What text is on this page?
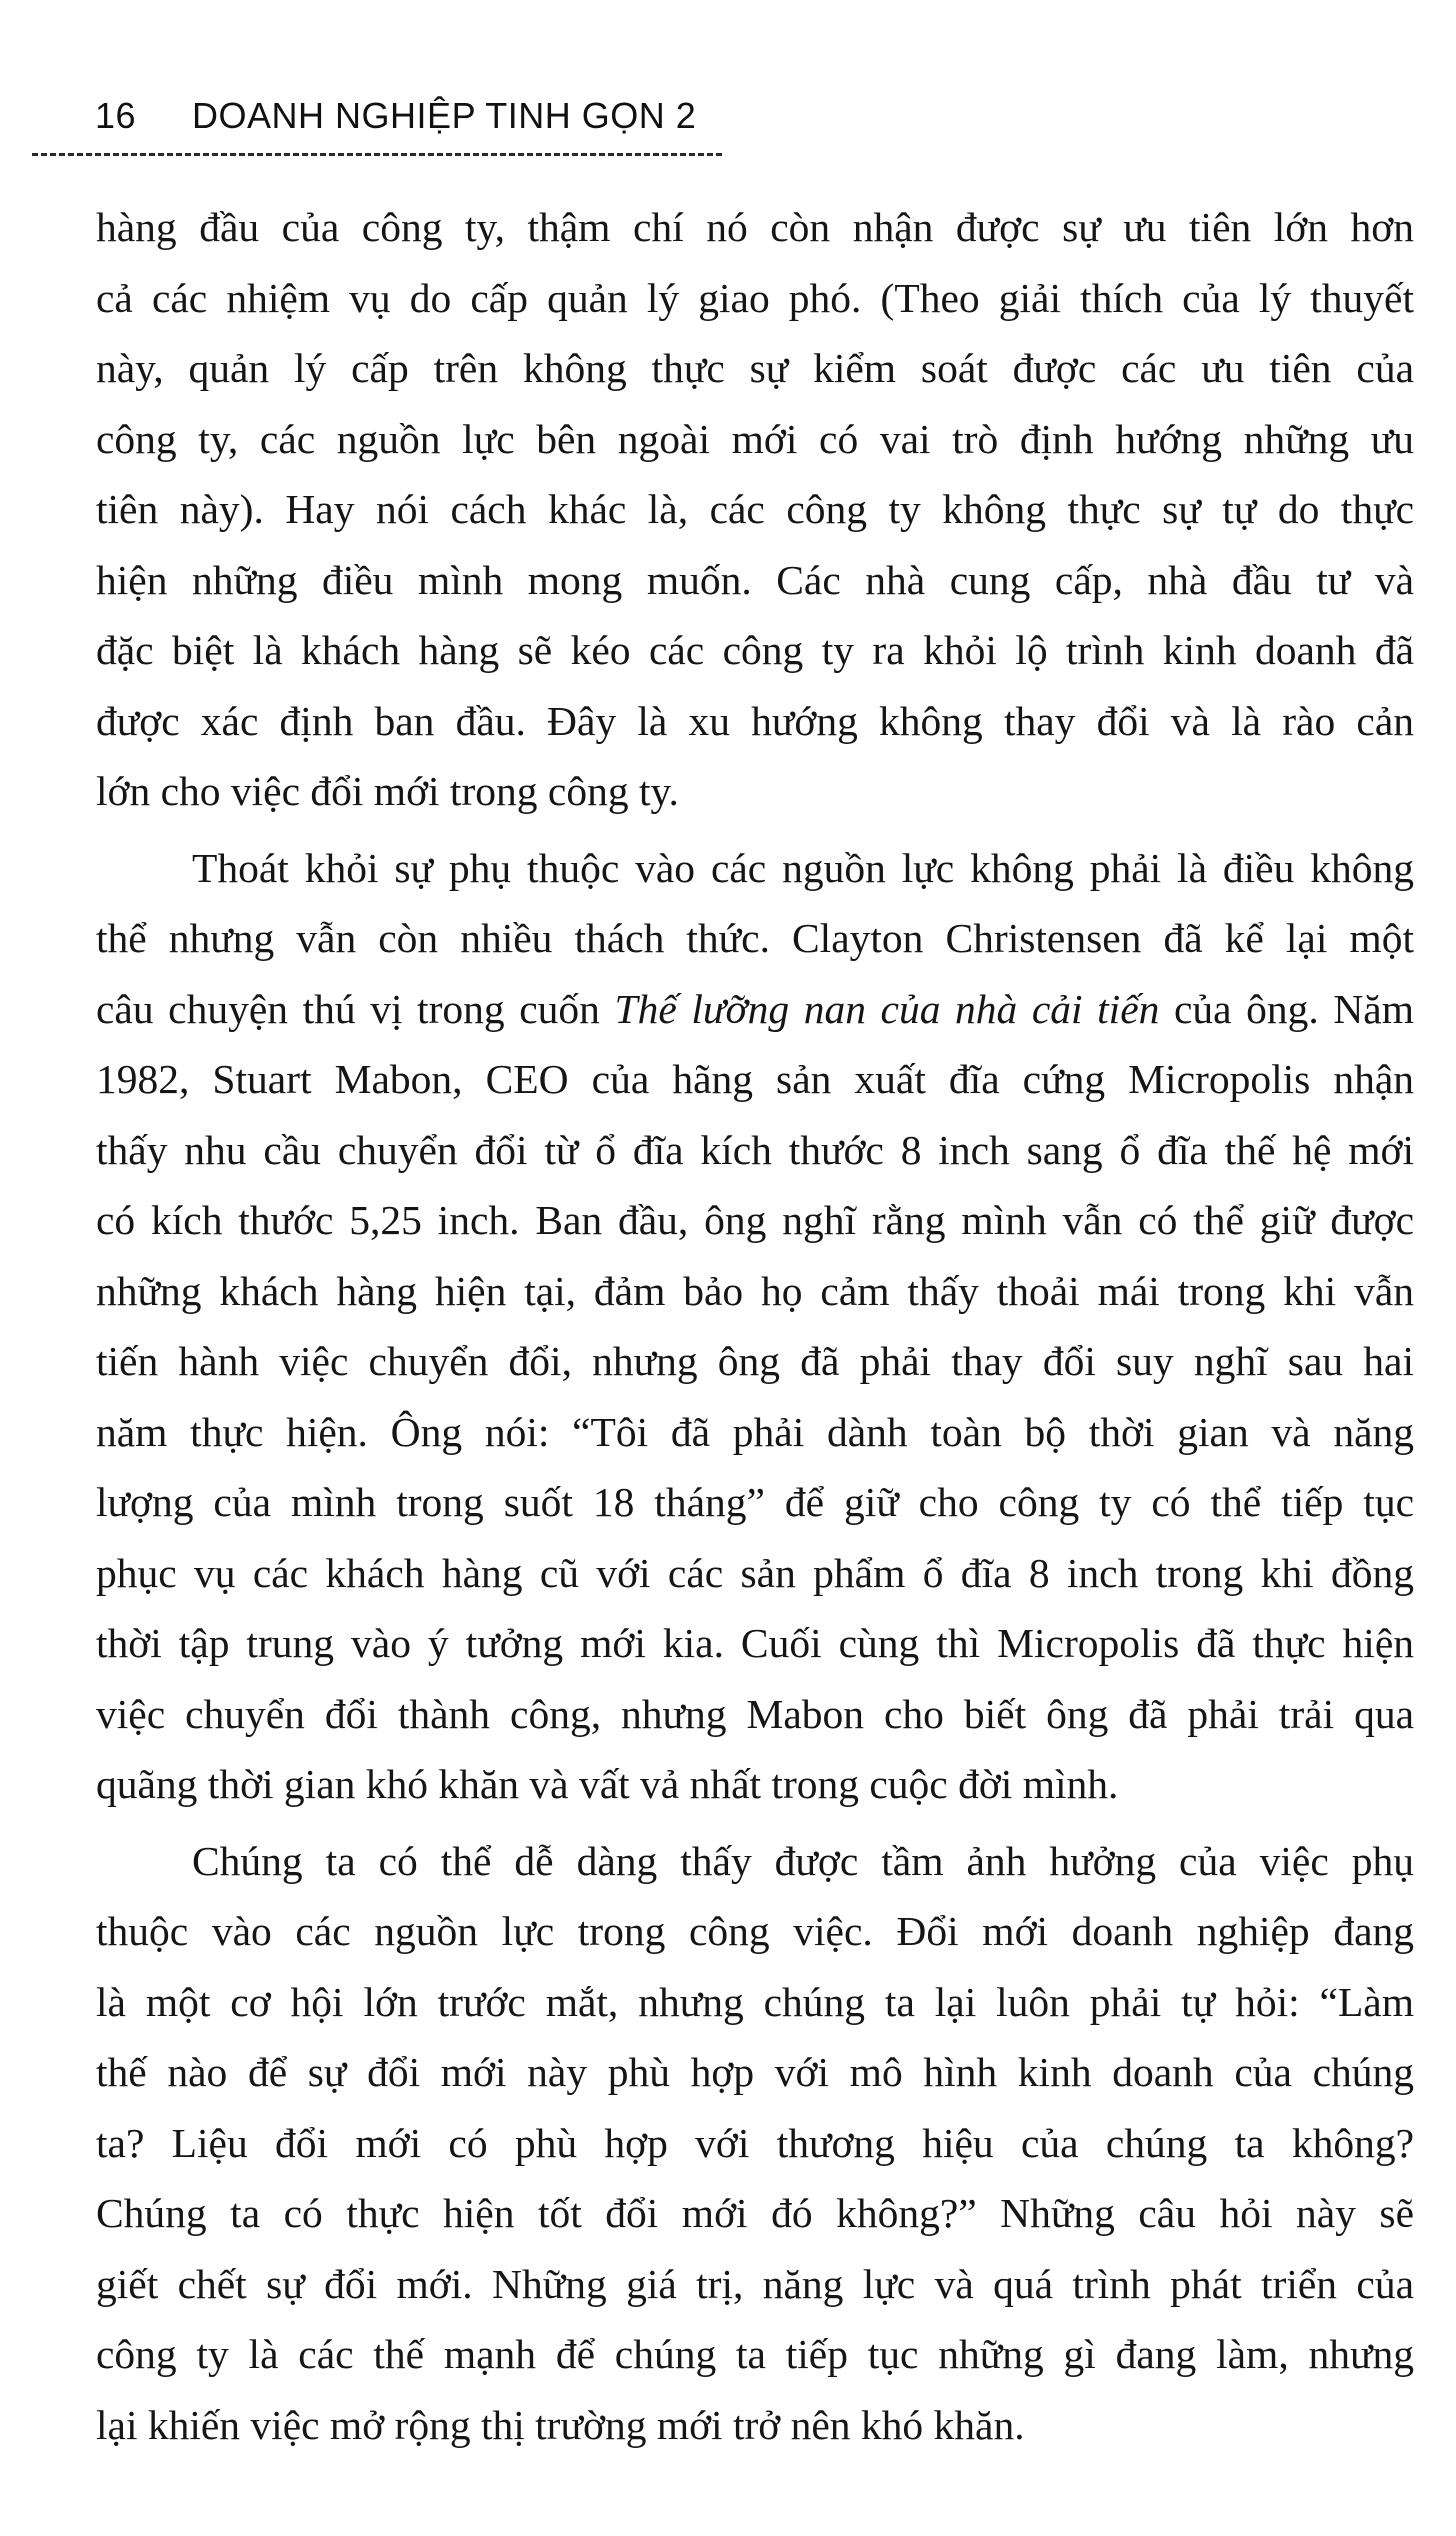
16 DOANH NGHIỆP TINH GỌN 2

hàng đầu của công ty, thậm chí nó còn nhận được sự ưu tiên lớn hơn
cả các nhiệm vụ do cấp quản lý giao phó. (Theo giải thích của lý thuyết
này, quản lý cấp trên không thực sự kiểm soát được các ưu tiên của
công ty, các nguồn lực bên ngoài mới có vai trò định hướng những ưu
tiên này). Hay nói cách khác là, các công ty không thực sự tự do thực
hiện những điều mình mong muốn. Các nhà cung cấp, nhà đầu tư và
đặc biệt là khách hàng sẽ kéo các công ty ra khỏi lộ trình kinh doanh đã
được xác định ban đầu. Đây là xu hướng không thay đổi và là rào cản
lớn cho việc đổi mới trong công ty.

Thoát khỏi sự phụ thuộc vào các nguồn lực không phải là điều không
thể nhưng vẫn còn nhiều thách thức. Clayton Christensen đã kể lại một
câu chuyện thú vị trong cuốn Thế lưỡng nan của nhà cải tiến của ông. Năm
1982, Stuart Mabon, CEO của hãng sản xuất đĩa cứng Micropolis nhận
thấy nhu cầu chuyển đổi từ ổ đĩa kích thước 8 inch sang ổ đĩa thế hệ mới
có kích thước 5,25 inch. Ban đầu, ông nghĩ rằng mình vẫn có thể giữ được
những khách hàng hiện tại, đảm bảo họ cảm thấy thoải mái trong khi vẫn
tiến hành việc chuyển đổi, nhưng ông đã phải thay đổi suy nghĩ sau hai
năm thực hiện. Ông nói: “Tôi đã phải dành toàn bộ thời gian và năng
lượng của mình trong suốt 18 tháng” để giữ cho công ty có thể tiếp tục
phục vụ các khách hàng cũ với các sản phẩm ổ đĩa 8 inch trong khi đồng
thời tập trung vào ý tưởng mới kia. Cuối cùng thì Micropolis đã thực hiện
việc chuyển đổi thành công, nhưng Mabon cho biết ông đã phải trải qua
quãng thời gian khó khăn và vất vả nhất trong cuộc đời mình.

Chúng ta có thể dễ dàng thấy được tầm ảnh hưởng của việc phụ
thuộc vào các nguồn lực trong công việc. Đổi mới doanh nghiệp đang
là một cơ hội lớn trước mắt, nhưng chúng ta lại luôn phải tự hỏi: “Làm
thế nào để sự đổi mới này phù hợp với mô hình kinh doanh của chúng
ta? Liệu đổi mới có phù hợp với thương hiệu của chúng ta không?
Chúng ta có thực hiện tốt đổi mới đó không?” Những câu hỏi này sẽ
giết chết sự đổi mới. Những giá trị, năng lực và quá trình phát triển của
công ty là các thế mạnh để chúng ta tiếp tục những gì đang làm, nhưng
lại khiến việc mở rộng thị trường mới trở nên khó khăn.
